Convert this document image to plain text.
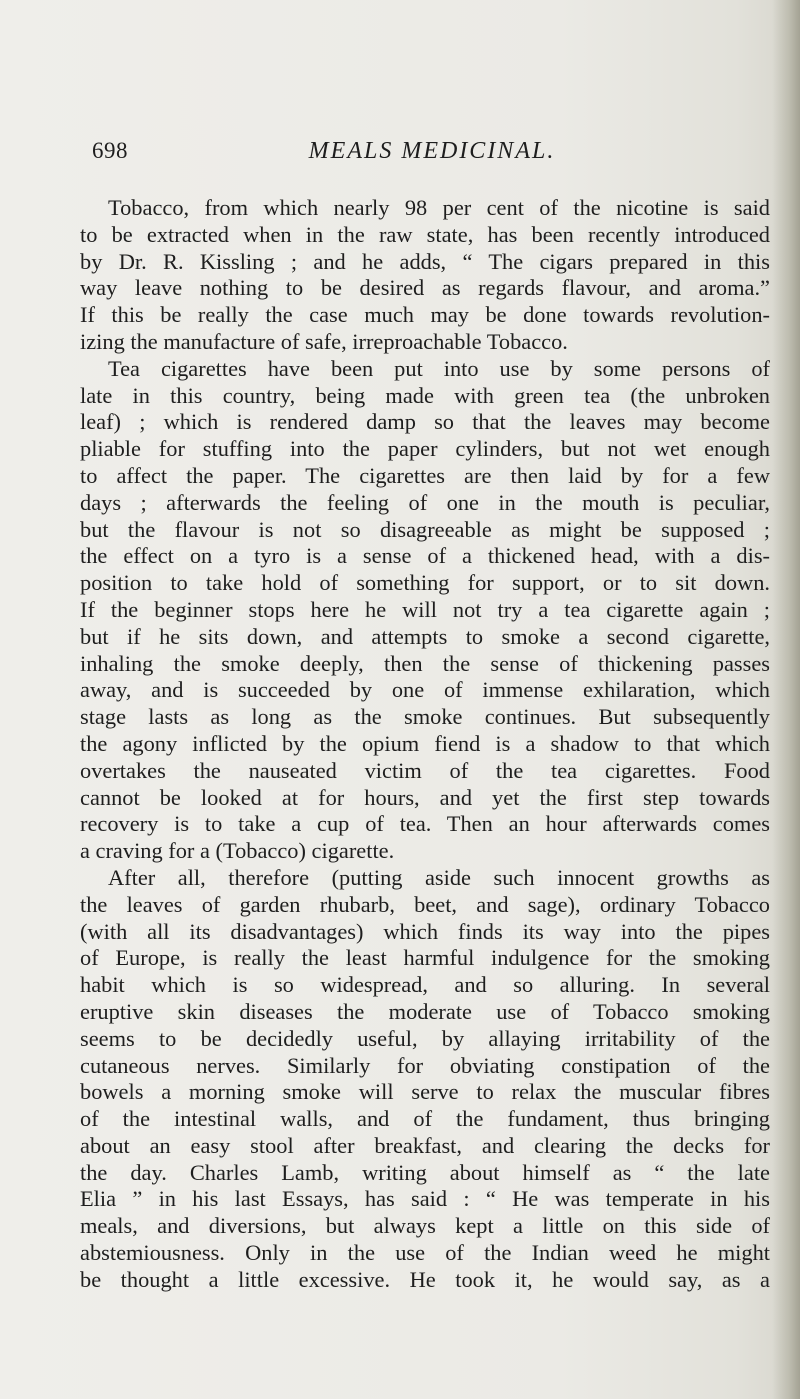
698	MEALS MEDICINAL.
Tobacco, from which nearly 98 per cent of the nicotine is said
to be extracted when in the raw state, has been recently introduced
by Dr. R. Kissling ; and he adds, “ The cigars prepared in this
way leave nothing to be desired as regards flavour, and aroma.”
If this be really the case much may be done towards revolution-
izing the manufacture of safe, irreproachable Tobacco.
Tea cigarettes have been put into use by some persons of
late in this country, being made with green tea (the unbroken
leaf) ; which is rendered damp so that the leaves may become
pliable for stuffing into the paper cylinders, but not wet enough
to affect the paper. The cigarettes are then laid by for a few
days ; afterwards the feeling of one in the mouth is peculiar,
but the flavour is not so disagreeable as might be supposed ;
the effect on a tyro is a sense of a thickened head, with a dis-
position to take hold of something for support, or to sit down.
If the beginner stops here he will not try a tea cigarette again ;
but if he sits down, and attempts to smoke a second cigarette,
inhaling the smoke deeply, then the sense of thickening passes
away, and is succeeded by one of immense exhilaration, which
stage lasts as long as the smoke continues. But subsequently
the agony inflicted by the opium fiend is a shadow to that which
overtakes the nauseated victim of the tea cigarettes. Food
cannot be looked at for hours, and yet the first step towards
recovery is to take a cup of tea. Then an hour afterwards comes
a craving for a (Tobacco) cigarette.
After all, therefore (putting aside such innocent growths as
the leaves of garden rhubarb, beet, and sage), ordinary Tobacco
(with all its disadvantages) which finds its way into the pipes
of Europe, is really the least harmful indulgence for the smoking
habit which is so widespread, and so alluring. In several
eruptive skin diseases the moderate use of Tobacco smoking
seems to be decidedly useful, by allaying irritability of the
cutaneous nerves. Similarly for obviating constipation of the
bowels a morning smoke will serve to relax the muscular fibres
of the intestinal walls, and of the fundament, thus bringing
about an easy stool after breakfast, and clearing the decks for
the day. Charles Lamb, writing about himself as “ the late
Elia ” in his last Essays, has said : “ He was temperate in his
meals, and diversions, but always kept a little on this side of
abstemiousness. Only in the use of the Indian weed he might
be thought a little excessive. He took it, he would say, as a
